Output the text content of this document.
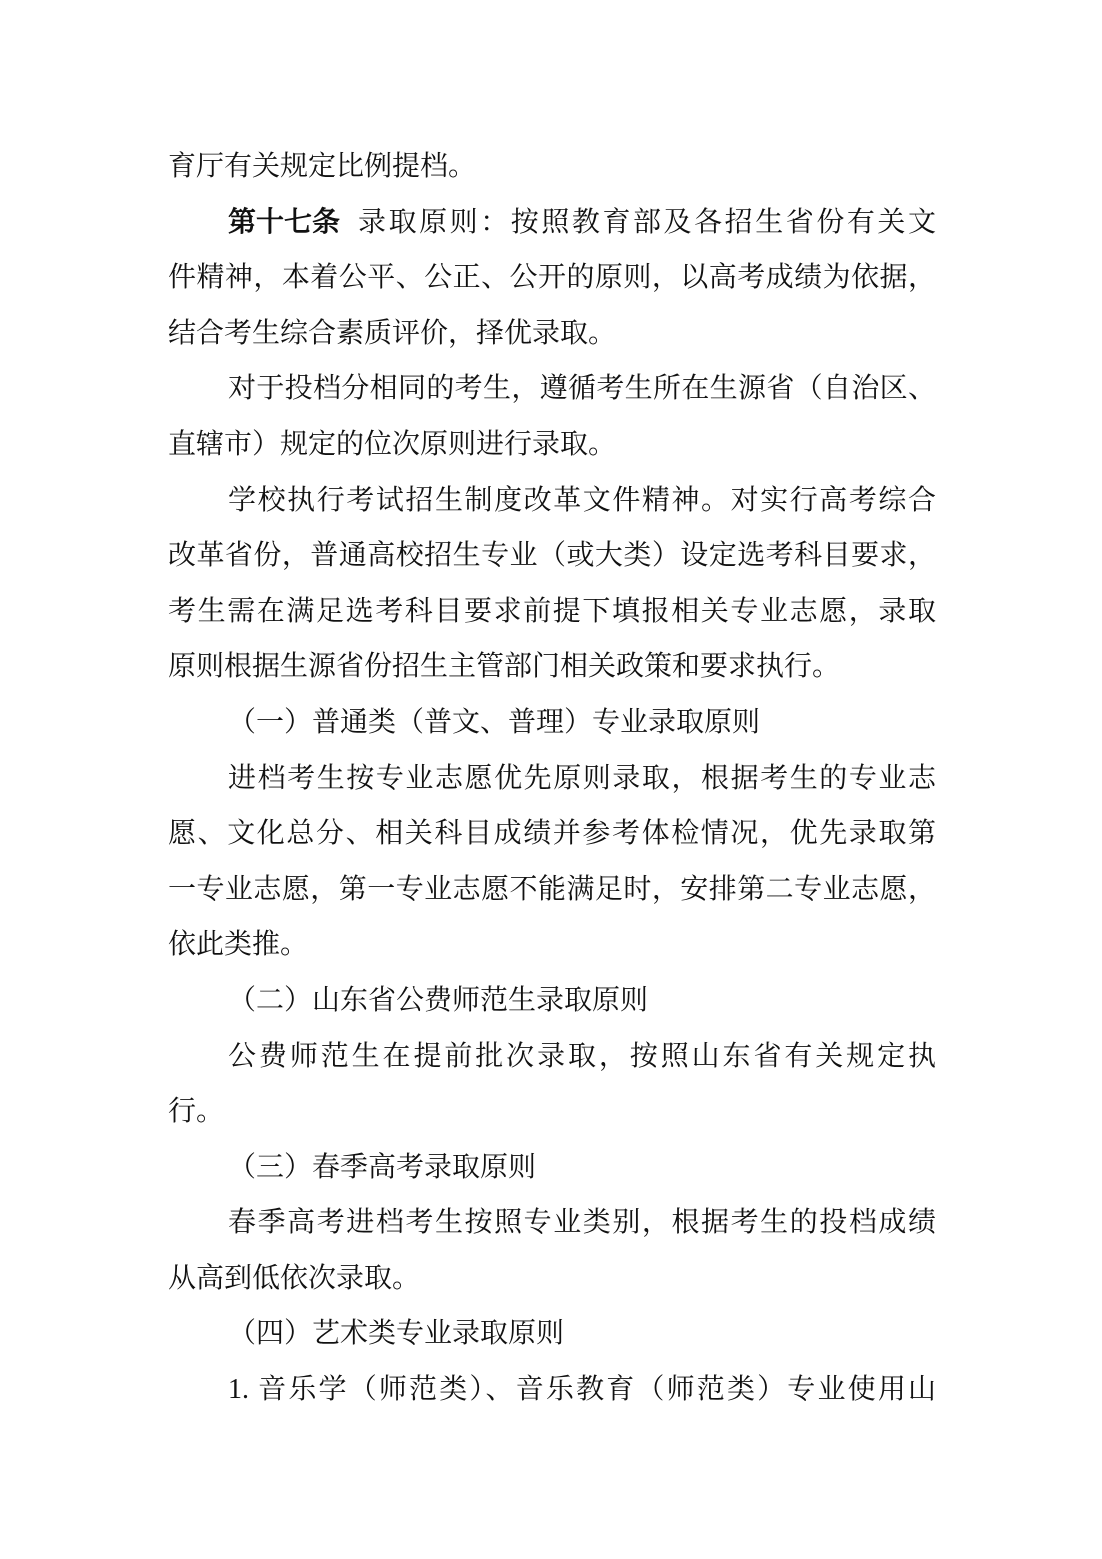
育厅有关规定比例提档。
第十七条 录取原则：按照教育部及各招生省份有关文
件精神，本着公平、公正、公开的原则，以高考成绩为依据，
结合考生综合素质评价，择优录取。
对于投档分相同的考生，遵循考生所在生源省（自治区、
直辖市）规定的位次原则进行录取。
学校执行考试招生制度改革文件精神。对实行高考综合
改革省份，普通高校招生专业（或大类）设定选考科目要求，
考生需在满足选考科目要求前提下填报相关专业志愿，录取
原则根据生源省份招生主管部门相关政策和要求执行。
（一）普通类（普文、普理）专业录取原则
进档考生按专业志愿优先原则录取，根据考生的专业志
愿、文化总分、相关科目成绩并参考体检情况，优先录取第
一专业志愿，第一专业志愿不能满足时，安排第二专业志愿，
依此类推。
（二）山东省公费师范生录取原则
公费师范生在提前批次录取，按照山东省有关规定执
行。
（三）春季高考录取原则
春季高考进档考生按照专业类别，根据考生的投档成绩
从高到低依次录取。
（四）艺术类专业录取原则
1. 音乐学（师范类）、音乐教育（师范类）专业使用山
